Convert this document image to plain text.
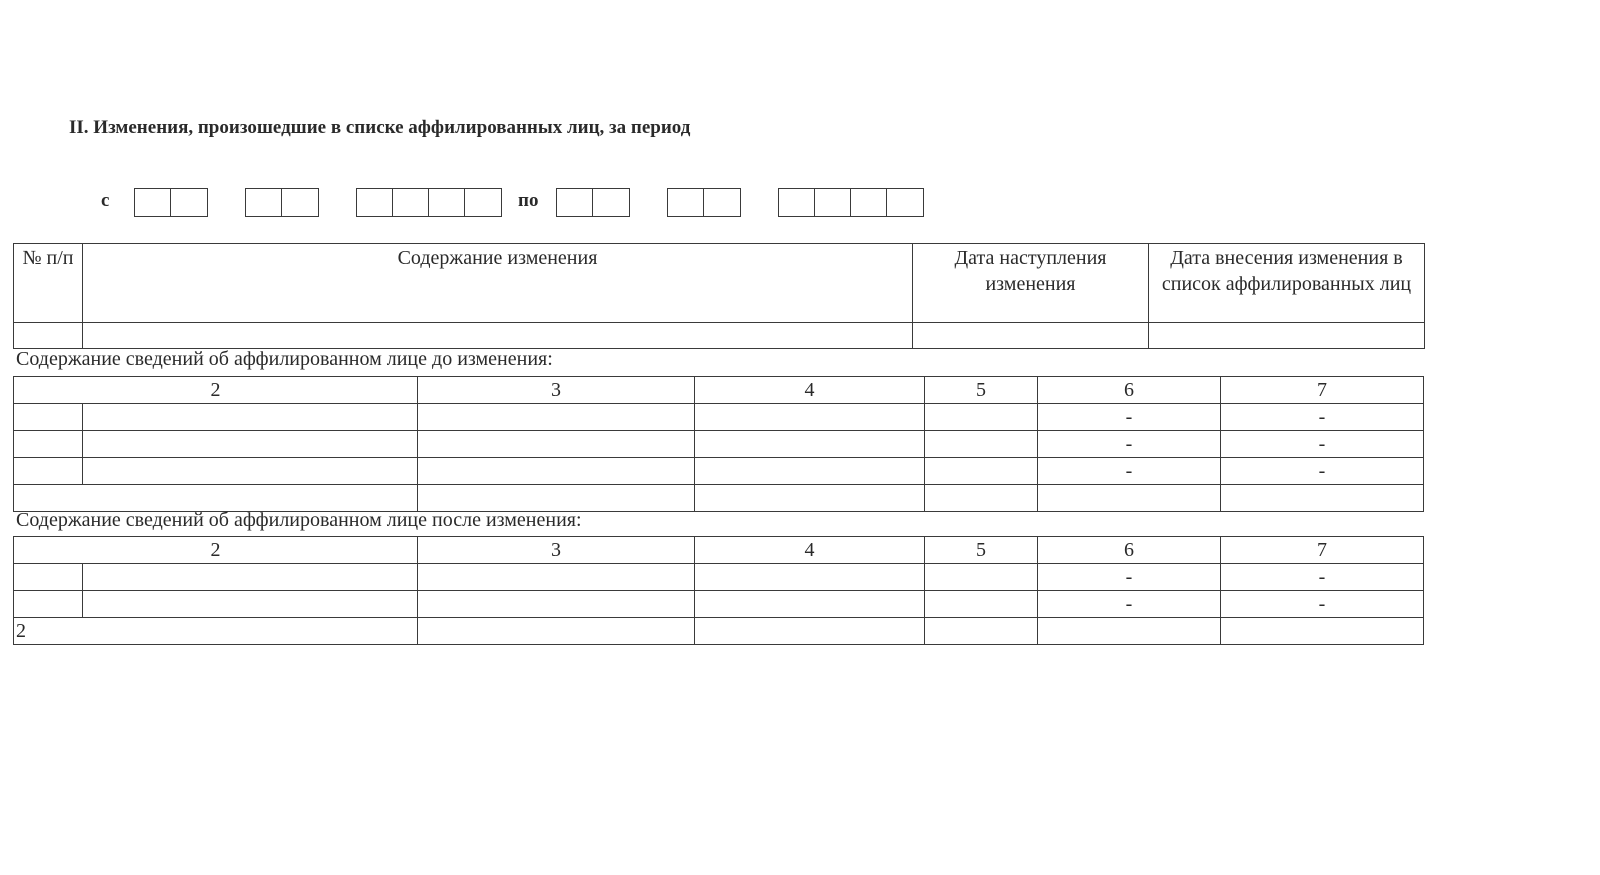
II. Изменения, произошедшие в списке аффилированных лиц, за период
с	по
№ п/п	Содержание изменения	Дата наступления изменения	Дата внесения изменения в список аффилированных лиц

Содержание сведений об аффилированном лице до изменения:
2		3	4	5	6	7
					-	-
					-	-
					-	-

Содержание сведений об аффилированном лице после изменения:
2		3	4	5	6	7
					-	-
					-	-
2						
